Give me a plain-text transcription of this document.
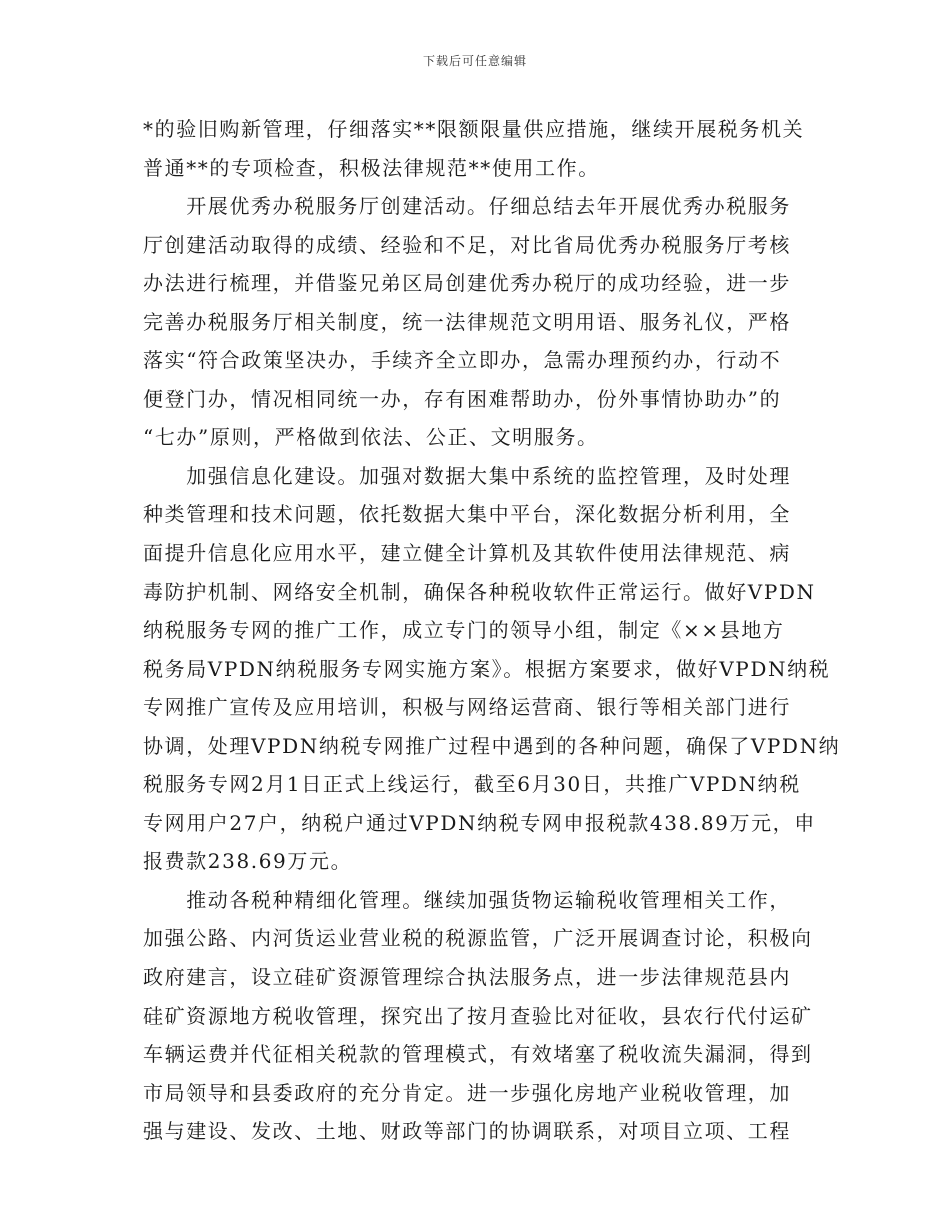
下载后可任意编辑
*的验旧购新管理，仔细落实**限额限量供应措施，继续开展税务机关
普通**的专项检查，积极法律规范**使用工作。
　　开展优秀办税服务厅创建活动。仔细总结去年开展优秀办税服务
厅创建活动取得的成绩、经验和不足，对比省局优秀办税服务厅考核
办法进行梳理，并借鉴兄弟区局创建优秀办税厅的成功经验，进一步
完善办税服务厅相关制度，统一法律规范文明用语、服务礼仪，严格
落实“符合政策坚决办，手续齐全立即办，急需办理预约办，行动不
便登门办，情况相同统一办，存有困难帮助办，份外事情协助办”的
“七办”原则，严格做到依法、公正、文明服务。
　　加强信息化建设。加强对数据大集中系统的监控管理，及时处理
种类管理和技术问题，依托数据大集中平台，深化数据分析利用，全
面提升信息化应用水平，建立健全计算机及其软件使用法律规范、病
毒防护机制、网络安全机制，确保各种税收软件正常运行。做好VPDN
纳税服务专网的推广工作，成立专门的领导小组，制定《××县地方
税务局VPDN纳税服务专网实施方案》。根据方案要求，做好VPDN纳税
专网推广宣传及应用培训，积极与网络运营商、银行等相关部门进行
协调，处理VPDN纳税专网推广过程中遇到的各种问题，确保了VPDN纳
税服务专网2月1日正式上线运行，截至6月30日，共推广VPDN纳税
专网用户27户，纳税户通过VPDN纳税专网申报税款438.89万元，申
报费款238.69万元。
　　推动各税种精细化管理。继续加强货物运输税收管理相关工作，
加强公路、内河货运业营业税的税源监管，广泛开展调查讨论，积极向
政府建言，设立硅矿资源管理综合执法服务点，进一步法律规范县内
硅矿资源地方税收管理，探究出了按月查验比对征收，县农行代付运矿
车辆运费并代征相关税款的管理模式，有效堵塞了税收流失漏洞，得到
市局领导和县委政府的充分肯定。进一步强化房地产业税收管理，加
强与建设、发改、土地、财政等部门的协调联系，对项目立项、工程
